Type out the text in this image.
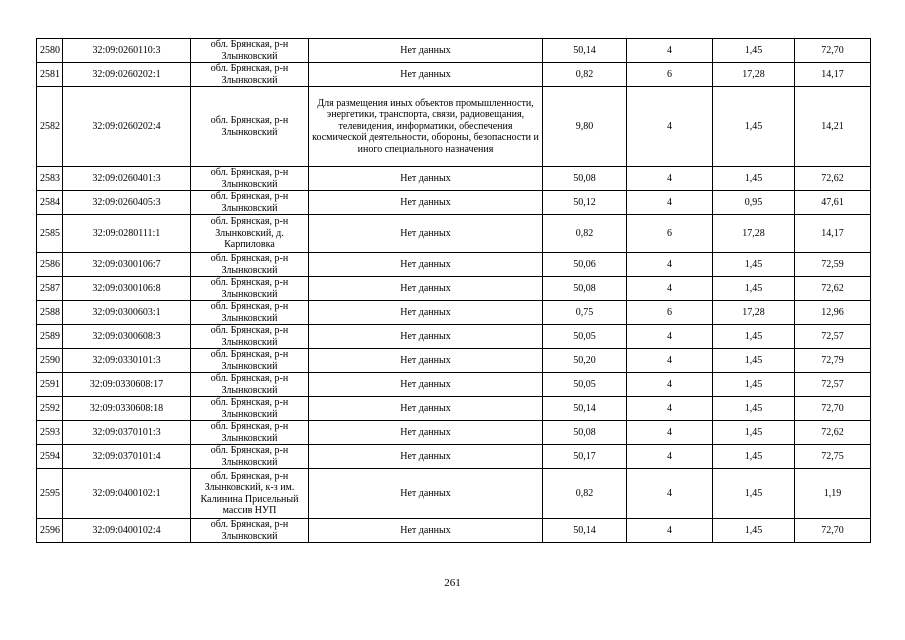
2580	32:09:0260110:3	обл. Брянская, р-н Злынковский	Нет данных	50,14	4	1,45	72,70
2581	32:09:0260202:1	обл. Брянская, р-н Злынковский	Нет данных	0,82	6	17,28	14,17
2582	32:09:0260202:4	обл. Брянская, р-н Злынковский	Для размещения иных объектов промышленности, энергетики, транспорта, связи, радиовещания, телевидения, информатики, обеспечения космической деятельности, обороны, безопасности и иного специального назначения	9,80	4	1,45	14,21
2583	32:09:0260401:3	обл. Брянская, р-н Злынковский	Нет данных	50,08	4	1,45	72,62
2584	32:09:0260405:3	обл. Брянская, р-н Злынковский	Нет данных	50,12	4	0,95	47,61
2585	32:09:0280111:1	обл. Брянская, р-н Злынковский, д. Карпиловка	Нет данных	0,82	6	17,28	14,17
2586	32:09:0300106:7	обл. Брянская, р-н Злынковский	Нет данных	50,06	4	1,45	72,59
2587	32:09:0300106:8	обл. Брянская, р-н Злынковский	Нет данных	50,08	4	1,45	72,62
2588	32:09:0300603:1	обл. Брянская, р-н Злынковский	Нет данных	0,75	6	17,28	12,96
2589	32:09:0300608:3	обл. Брянская, р-н Злынковский	Нет данных	50,05	4	1,45	72,57
2590	32:09:0330101:3	обл. Брянская, р-н Злынковский	Нет данных	50,20	4	1,45	72,79
2591	32:09:0330608:17	обл. Брянская, р-н Злынковский	Нет данных	50,05	4	1,45	72,57
2592	32:09:0330608:18	обл. Брянская, р-н Злынковский	Нет данных	50,14	4	1,45	72,70
2593	32:09:0370101:3	обл. Брянская, р-н Злынковский	Нет данных	50,08	4	1,45	72,62
2594	32:09:0370101:4	обл. Брянская, р-н Злынковский	Нет данных	50,17	4	1,45	72,75
2595	32:09:0400102:1	обл. Брянская, р-н Злынковский, к-з им. Калинина Присельный массив НУП	Нет данных	0,82	4	1,45	1,19
2596	32:09:0400102:4	обл. Брянская, р-н Злынковский	Нет данных	50,14	4	1,45	72,70
261
